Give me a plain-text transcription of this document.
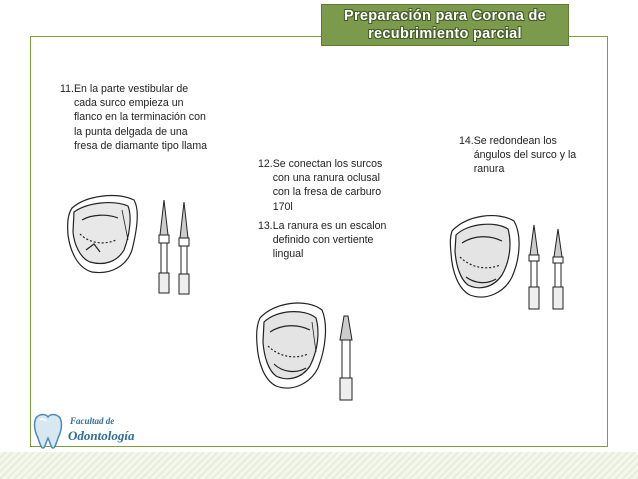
Preparación para Corona de
recubrimiento parcial
11. En la parte vestibular de cada surco empieza un flanco en la terminación con la punta delgada de una fresa de diamante tipo llama
12. Se conectan los surcos con una ranura oclusal con la fresa de carburo 170l
13. La ranura es un escalon definido con vertiente lingual
14. Se redondean los ángulos del surco y la ranura
Facultad de
Odontología
